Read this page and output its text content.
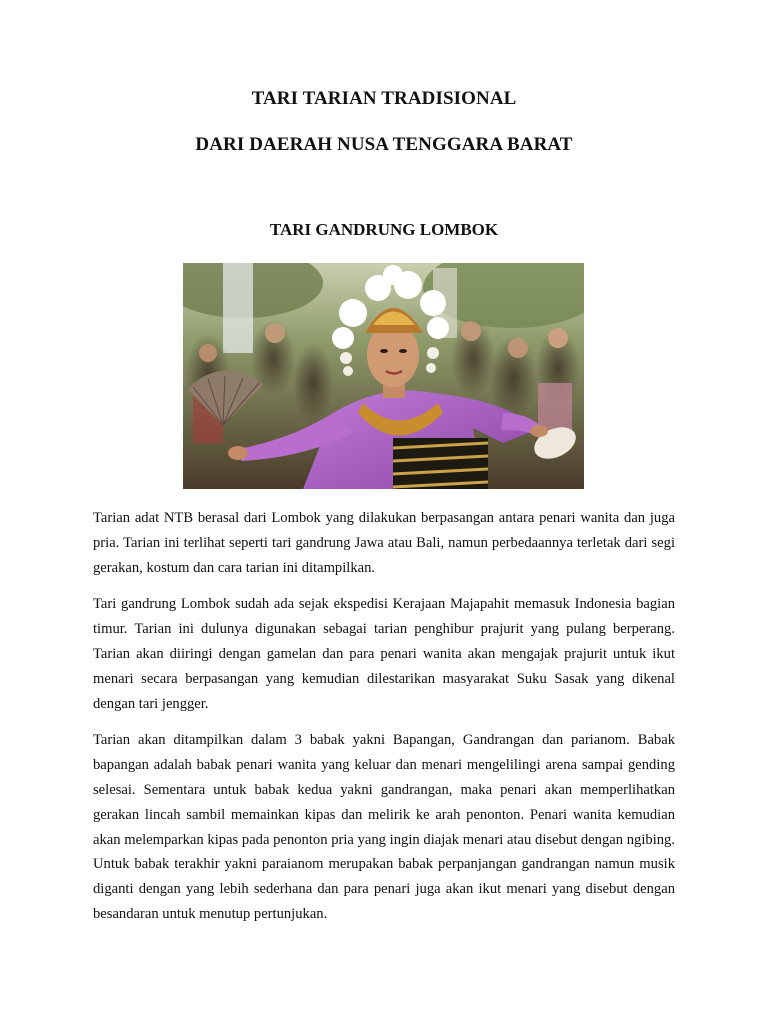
TARI TARIAN TRADISIONAL
DARI DAERAH NUSA TENGGARA BARAT
TARI GANDRUNG LOMBOK

Tarian adat NTB berasal dari Lombok yang dilakukan berpasangan antara penari wanita dan juga pria. Tarian ini terlihat seperti tari gandrung Jawa atau Bali, namun perbedaannya terletak dari segi gerakan, kostum dan cara tarian ini ditampilkan.

Tari gandrung Lombok sudah ada sejak ekspedisi Kerajaan Majapahit memasuk Indonesia bagian timur. Tarian ini dulunya digunakan sebagai tarian penghibur prajurit yang pulang berperang. Tarian akan diiringi dengan gamelan dan para penari wanita akan mengajak prajurit untuk ikut menari secara berpasangan yang kemudian dilestarikan masyarakat Suku Sasak yang dikenal dengan tari jengger.

Tarian akan ditampilkan dalam 3 babak yakni Bapangan, Gandrangan dan parianom. Babak bapangan adalah babak penari wanita yang keluar dan menari mengelilingi arena sampai gending selesai. Sementara untuk babak kedua yakni gandrangan, maka penari akan memperlihatkan gerakan lincah sambil memainkan kipas dan melirik ke arah penonton. Penari wanita kemudian akan melemparkan kipas pada penonton pria yang ingin diajak menari atau disebut dengan ngibing. Untuk babak terakhir yakni paraianom merupakan babak perpanjangan gandrangan namun musik diganti dengan yang lebih sederhana dan para penari juga akan ikut menari yang disebut dengan besandaran untuk menutup pertunjukan.
